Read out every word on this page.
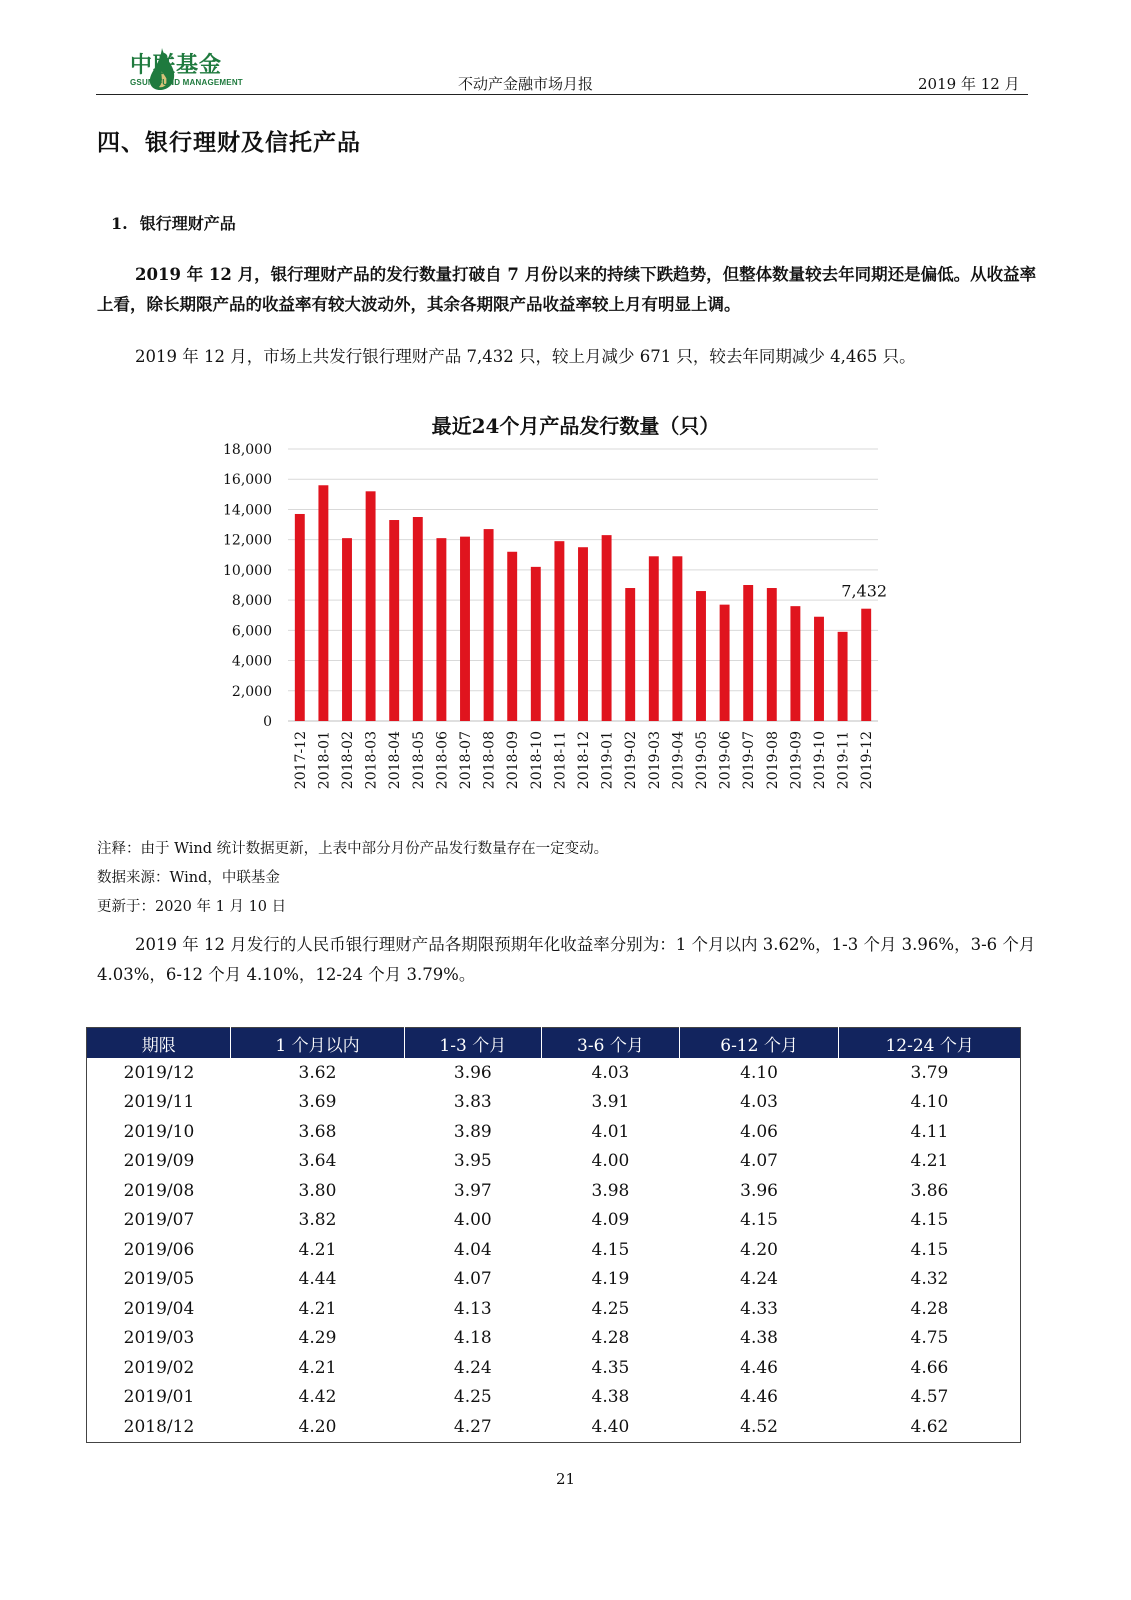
中联基金
GSUM FUND MANAGEMENT	不动产金融市场月报	2019 年 12 月
四、银行理财及信托产品
1. 银行理财产品
2019 年 12 月，银行理财产品的发行数量打破自 7 月份以来的持续下跌趋势，但整体数量较去年同期还是偏低。从收益率上看，除长期限产品的收益率有较大波动外，其余各期限产品收益率较上月有明显上调。
2019 年 12 月，市场上共发行银行理财产品 7,432 只，较上月减少 671 只，较去年同期减少 4,465 只。
最近24个月产品发行数量（只）
0
2,000
4,000
6,000
8,000
10,000
12,000
14,000
16,000
18,000
2017-12 2018-01 2018-02 2018-03 2018-04 2018-05 2018-06 2018-07 2018-08 2018-09 2018-10 2018-11 2018-12 2019-01 2019-02 2019-03 2019-04 2019-05 2019-06 2019-07 2019-08 2019-09 2019-10 2019-11 2019-12
7,432
注释：由于 Wind 统计数据更新，上表中部分月份产品发行数量存在一定变动。
数据来源：Wind，中联基金
更新于：2020 年 1 月 10 日
2019 年 12 月发行的人民币银行理财产品各期限预期年化收益率分别为：1 个月以内 3.62%，1-3 个月 3.96%，3-6 个月 4.03%，6-12 个月 4.10%，12-24 个月 3.79%。
期限	1 个月以内	1-3 个月	3-6 个月	6-12 个月	12-24 个月
2019/12	3.62	3.96	4.03	4.10	3.79
2019/11	3.69	3.83	3.91	4.03	4.10
2019/10	3.68	3.89	4.01	4.06	4.11
2019/09	3.64	3.95	4.00	4.07	4.21
2019/08	3.80	3.97	3.98	3.96	3.86
2019/07	3.82	4.00	4.09	4.15	4.15
2019/06	4.21	4.04	4.15	4.20	4.15
2019/05	4.44	4.07	4.19	4.24	4.32
2019/04	4.21	4.13	4.25	4.33	4.28
2019/03	4.29	4.18	4.28	4.38	4.75
2019/02	4.21	4.24	4.35	4.46	4.66
2019/01	4.42	4.25	4.38	4.46	4.57
2018/12	4.20	4.27	4.40	4.52	4.62
21
